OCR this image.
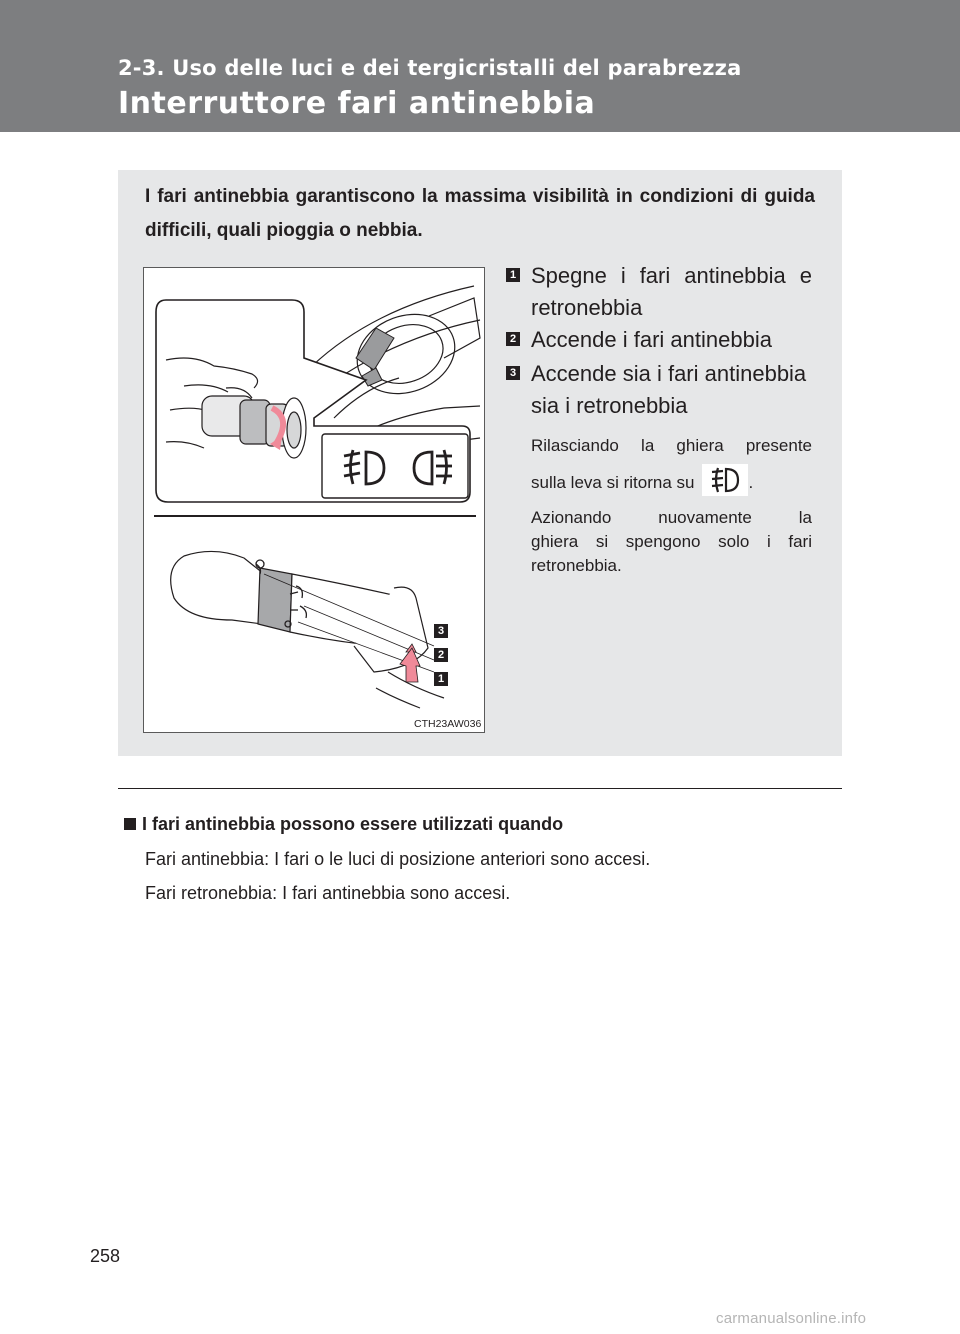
2-3. Uso delle luci e dei tergicristalli del parabrezza
Interruttore fari antinebbia
I fari antinebbia garantiscono la massima visibilità in condizioni di guida difficili, quali pioggia o nebbia.
3
2
1
CTH23AW036
1 Spegne i fari antinebbia e
retronebbia
2 Accende i fari antinebbia
3 Accende sia i fari antinebbia
sia i retronebbia
Rilasciando la ghiera presente
sulla leva si ritorna su	.
Azionando nuovamente la
ghiera si spengono solo i fari
retronebbia.
I fari antinebbia possono essere utilizzati quando
Fari antinebbia: I fari o le luci di posizione anteriori sono accesi.
Fari retronebbia: I fari antinebbia sono accesi.
258
carmanualsonline.info
